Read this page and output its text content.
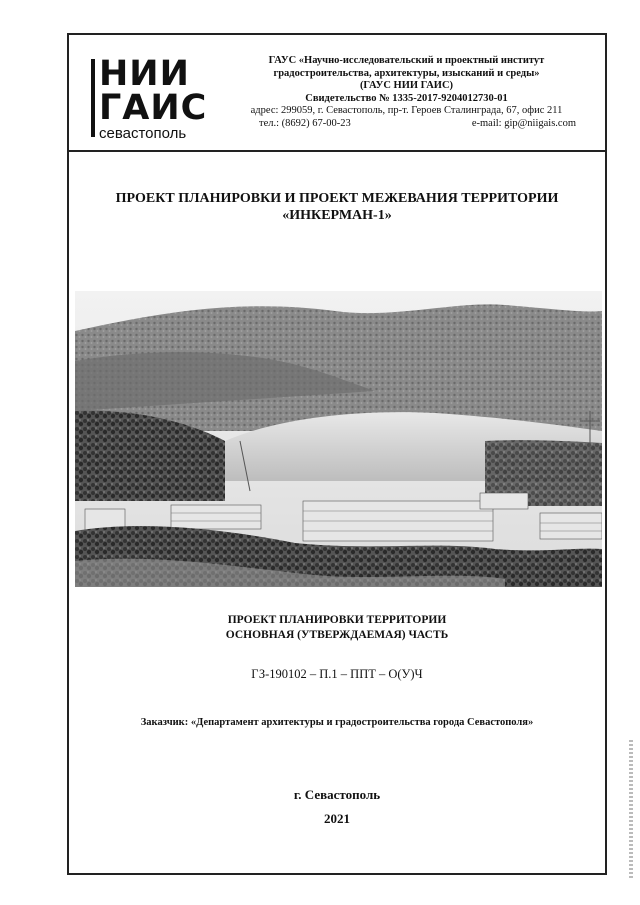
НИИ
ГАИС
севастополь
ГАУС «Научно-исследовательский и проектный институт
градостроительства, архитектуры, изысканий и среды»
(ГАУС НИИ ГАИС)
Свидетельство № 1335-2017-9204012730-01
адрес: 299059, г. Севастополь, пр-т. Героев Сталинграда, 67, офис 211
тел.: (8692) 67-00-23	e-mail: gip@niigais.com
ПРОЕКТ ПЛАНИРОВКИ И ПРОЕКТ МЕЖЕВАНИЯ ТЕРРИТОРИИ
«ИНКЕРМАН-1»
ПРОЕКТ ПЛАНИРОВКИ ТЕРРИТОРИИ
ОСНОВНАЯ (УТВЕРЖДАЕМАЯ) ЧАСТЬ
ГЗ-190102 – П.1 – ППТ – О(У)Ч
Заказчик: «Департамент архитектуры и градостроительства города Севастополя»
г. Севастополь
2021
